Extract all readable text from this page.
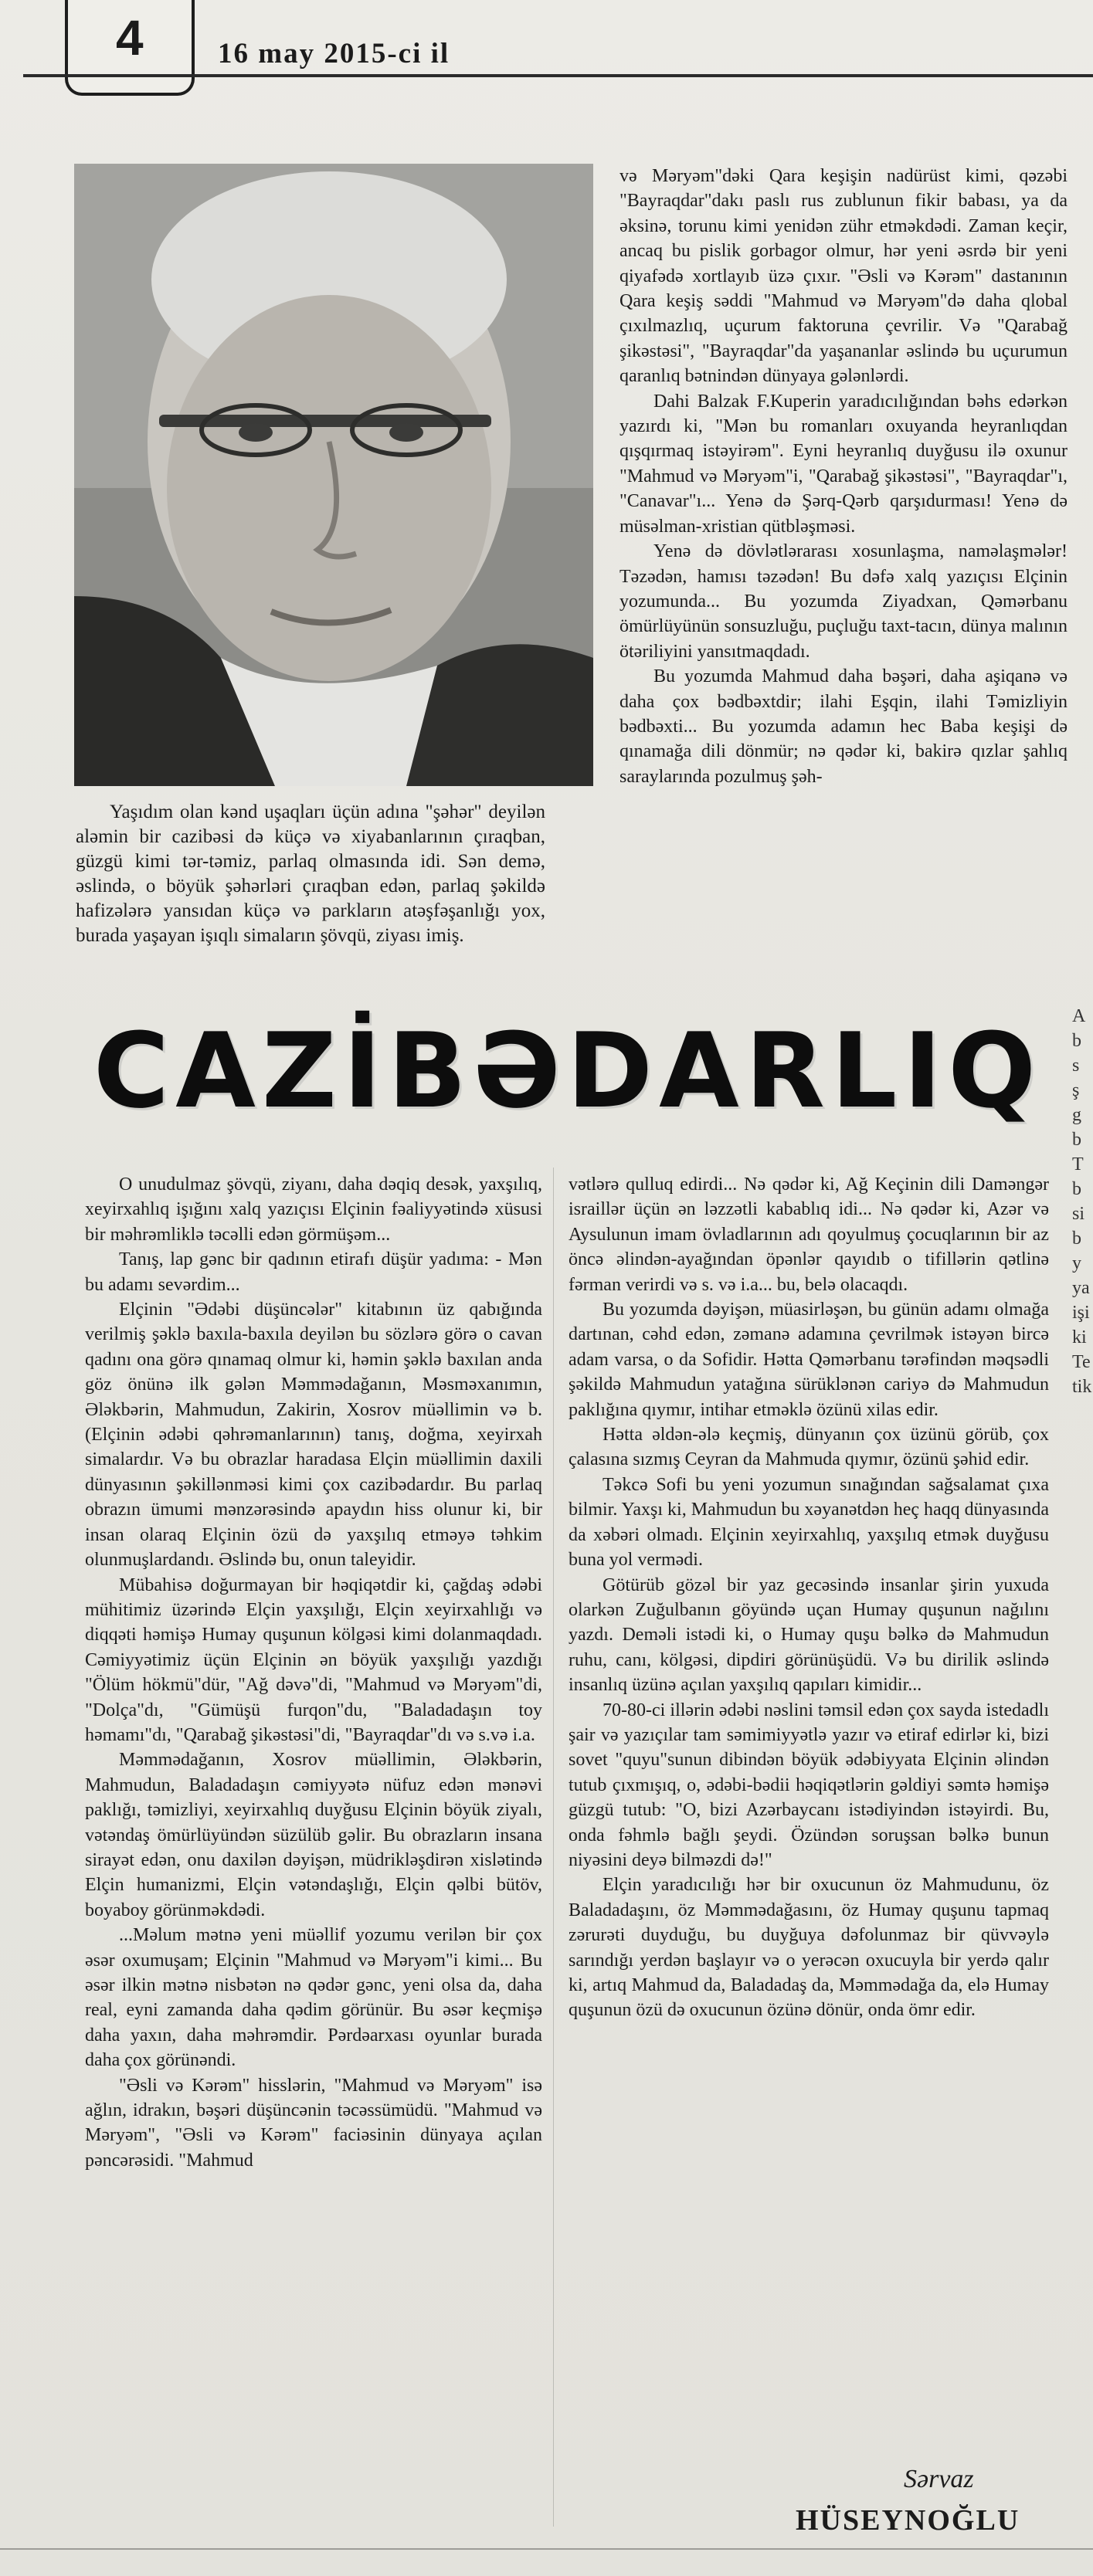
4	16 may 2015-ci il

Yaşıdım olan kənd uşaqları üçün adına "şəhər" deyilən aləmin bir cazibəsi də küçə və xiyabanlarının çıraqban, güzgü kimi tər-təmiz, parlaq olmasında idi. Sən demə, əslində, o böyük şəhərləri çıraqban edən, parlaq şəkildə hafizələrə yansıdan küçə və parkların atəşfəşanlığı yox, burada yaşayan işıqlı simaların şövqü, ziyası imiş.

və Məryəm"dəki Qara keşişin nadürüst kimi, qəzəbi "Bayraqdar"dakı paslı rus zublunun fikir babası, ya da əksinə, torunu kimi yenidən zühr etməkdədi. Zaman keçir, ancaq bu pislik gorbagor olmur, hər yeni əsrdə bir yeni qiyafədə xortlayıb üzə çıxır. "Əsli və Kərəm" dastanının Qara keşiş səddi "Mahmud və Məryəm"də daha qlobal çıxılmazlıq, uçurum faktoruna çevrilir. Və "Qarabağ şikəstəsi", "Bayraqdar"da yaşananlar əslində bu uçurumun qaranlıq bətnindən dünyaya gələnlərdi.

Dahi Balzak F.Kuperin yaradıcılığından bəhs edərkən yazırdı ki, "Mən bu romanları oxuyanda heyranlıqdan qışqırmaq istəyirəm". Eyni heyranlıq duyğusu ilə oxunur "Mahmud və Məryəm"i, "Qarabağ şikəstəsi", "Bayraqdar"ı, "Canavar"ı... Yenə də Şərq-Qərb qarşıdurması! Yenə də müsəlman-xristian qütbləşməsi.

Yenə də dövlətlərarası xosunlaşma, naməlaşmələr! Təzədən, hamısı təzədən! Bu dəfə xalq yazıçısı Elçinin yozumunda... Bu yozumda Ziyadxan, Qəmərbanu ömürlüyünün sonsuzluğu, puçluğu taxt-tacın, dünya malının ötəriliyini yansıtmaqdadı.

Bu yozumda Mahmud daha bəşəri, daha aşiqanə və daha çox bədbəxtdir; ilahi Eşqin, ilahi Təmizliyin bədbəxti... Bu yozumda adamın hec Baba keşişi də qınamağa dili dönmür; nə qədər ki, bakirə qızlar şahlıq saraylarında pozulmuş şəh-

CAZİBƏDARLIQ

O unudulmaz şövqü, ziyanı, daha dəqiq desək, yaxşılıq, xeyirxahlıq işığını xalq yazıçısı Elçinin fəaliyyətində xüsusi bir məhrəmliklə təcəlli edən görmüşəm...

Tanış, lap gənc bir qadının etirafı düşür yadıma: - Mən bu adamı sevərdim...

Elçinin "Ədəbi düşüncələr" kitabının üz qabığında verilmiş şəklə baxıla-baxıla deyilən bu sözlərə görə o cavan qadını ona görə qınamaq olmur ki, həmin şəklə baxılan anda göz önünə ilk gələn Məmmədağanın, Məsməxanımın, Ələkbərin, Mahmudun, Zakirin, Xosrov müəllimin və b. (Elçinin ədəbi qəhrəmanlarının) tanış, doğma, xeyirxah simalardır. Və bu obrazlar haradasa Elçin müəllimin daxili dünyasının şəkillənməsi kimi çox cazibədardır. Bu parlaq obrazın ümumi mənzərəsində apaydın hiss olunur ki, bir insan olaraq Elçinin özü də yaxşılıq etməyə təhkim olunmuşlardandı. Əslində bu, onun taleyidir.

Mübahisə doğurmayan bir həqiqətdir ki, çağdaş ədəbi mühitimiz üzərində Elçin yaxşılığı, Elçin xeyirxahlığı və diqqəti həmişə Humay quşunun kölgəsi kimi dolanmaqdadı. Cəmiyyətimiz üçün Elçinin ən böyük yaxşılığı yazdığı "Ölüm hökmü"dür, "Ağ dəvə"di, "Mahmud və Məryəm"di, "Dolça"dı, "Gümüşü furqon"du, "Baladadaşın toy həmamı"dı, "Qarabağ şikəstəsi"di, "Bayraqdar"dı və s.və i.a.

Məmmədağanın, Xosrov müəllimin, Ələkbərin, Mahmudun, Baladadaşın cəmiyyətə nüfuz edən mənəvi paklığı, təmizliyi, xeyirxahlıq duyğusu Elçinin böyük ziyalı, vətəndaş ömürlüyündən süzülüb gəlir. Bu obrazların insana sirayət edən, onu daxilən dəyişən, müdrikləşdirən xislətində Elçin humanizmi, Elçin vətəndaşlığı, Elçin qəlbi bütöv, boyaboy görünməkdədi.

...Məlum mətnə yeni müəllif yozumu verilən bir çox əsər oxumuşam; Elçinin "Mahmud və Məryəm"i kimi... Bu əsər ilkin mətnə nisbətən nə qədər gənc, yeni olsa da, daha real, eyni zamanda daha qədim görünür. Bu əsər keçmişə daha yaxın, daha məhrəmdir. Pərdəarxası oyunlar burada daha çox görünəndi.

"Əsli və Kərəm" hisslərin, "Mahmud və Məryəm" isə ağlın, idrakın, bəşəri düşüncənin təcəssümüdü. "Mahmud və Məryəm", "Əsli və Kərəm" faciəsinin dünyaya açılan pəncərəsidi. "Mahmud

vətlərə qulluq edirdi... Nə qədər ki, Ağ Keçinin dili Daməngər israillər üçün ən ləzzətli kabablıq idi... Nə qədər ki, Azər və Aysulunun imam övladlarının adı qoyulmuş çocuqlarının bir az öncə əlindən-ayağından öpənlər qayıdıb o tifillərin qətlinə fərman verirdi və s. və i.a... bu, belə olacaqdı.

Bu yozumda dəyişən, müasirləşən, bu günün adamı olmağa dartınan, cəhd edən, zəmanə adamına çevrilmək istəyən bircə adam varsa, o da Sofidir. Hətta Qəmərbanu tərəfindən məqsədli şəkildə Mahmudun yatağına sürüklənən cariyə də Mahmudun paklığına qıymır, intihar etməklə özünü xilas edir.

Hətta əldən-ələ keçmiş, dünyanın çox üzünü görüb, çox çalasına sızmış Ceyran da Mahmuda qıymır, özünü şəhid edir.

Təkcə Sofi bu yeni yozumun sınağından sağsalamat çıxa bilmir. Yaxşı ki, Mahmudun bu xəyanətdən heç haqq dünyasında da xəbəri olmadı. Elçinin xeyirxahlıq, yaxşılıq etmək duyğusu buna yol vermədi.

Götürüb gözəl bir yaz gecəsində insanlar şirin yuxuda olarkən Zuğulbanın göyündə uçan Humay quşunun nağılını yazdı. Deməli istədi ki, o Humay quşu bəlkə də Mahmudun ruhu, canı, kölgəsi, dipdiri görünüşüdü. Və bu dirilik əslində insanlıq üzünə açılan yaxşılıq qapıları kimidir...

70-80-ci illərin ədəbi nəslini təmsil edən çox sayda istedadlı şair və yazıçılar tam səmimiyyətlə yazır və etiraf edirlər ki, bizi sovet "quyu"sunun dibindən böyük ədəbiyyata Elçinin əlindən tutub çıxmışıq, o, ədəbi-bədii həqiqətlərin gəldiyi səmtə həmişə güzgü tutub: "O, bizi Azərbaycanı istədiyindən istəyirdi. Bu, onda fəhmlə bağlı şeydi. Özündən soruşsan bəlkə bunun niyəsini deyə bilməzdi də!"

Elçin yaradıcılığı hər bir oxucunun öz Mahmudunu, öz Baladadaşını, öz Məmmədağasını, öz Humay quşunu tapmaq zərurəti duyduğu, bu duyğuya dəfolunmaz bir qüvvəylə sarındığı yerdən başlayır və o yerəcən oxucuyla bir yerdə qalır ki, artıq Mahmud da, Baladadaş da, Məmmədağa da, elə Humay quşunun özü də oxucunun özünə dönür, onda ömr edir.

Sərvaz
HÜSEYNOĞLU
A
b
s
ş
g
b
T
b
si
b
y
ya
işi
ki
Te
tik
